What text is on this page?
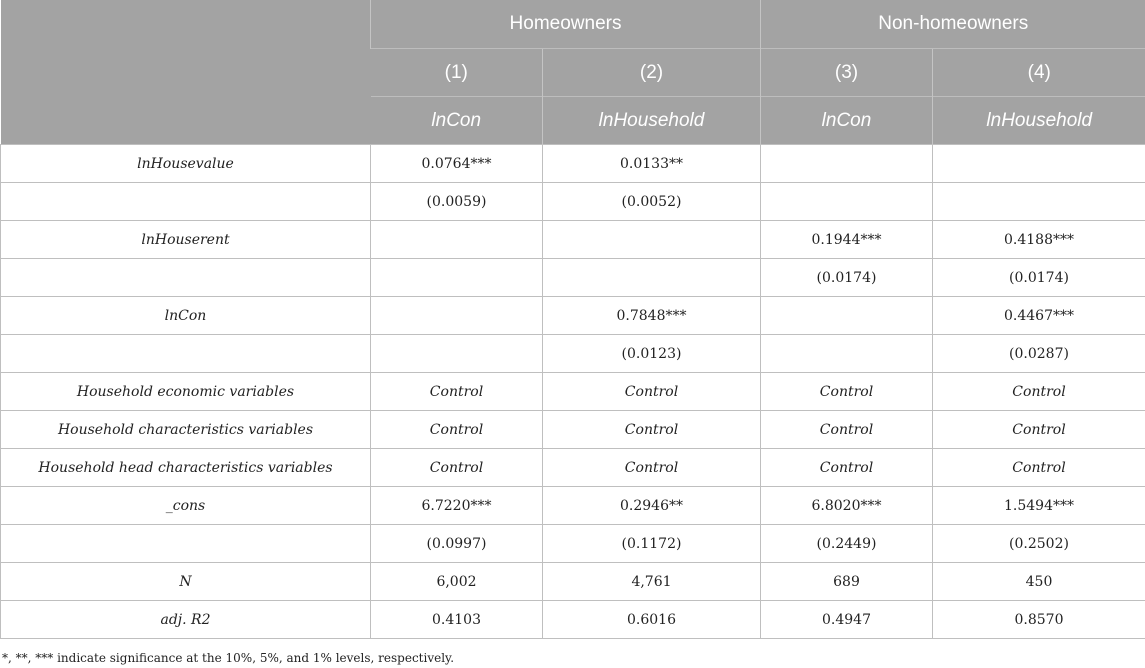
	Homeowners		Non-homeowners	
	(1)	(2)	(3)	(4)
	lnCon	lnHousehold	lnCon	lnHousehold
lnHousevalue	0.0764***	0.0133**		
	(0.0059)	(0.0052)		
lnHouserent			0.1944***	0.4188***
			(0.0174)	(0.0174)
lnCon		0.7848***		0.4467***
		(0.0123)		(0.0287)
Household economic variables	Control	Control	Control	Control
Household characteristics variables	Control	Control	Control	Control
Household head characteristics variables	Control	Control	Control	Control
_cons	6.7220***	0.2946**	6.8020***	1.5494***
	(0.0997)	(0.1172)	(0.2449)	(0.2502)
N	6,002	4,761	689	450
adj. R2	0.4103	0.6016	0.4947	0.8570
*, **, *** indicate significance at the 10%, 5%, and 1% levels, respectively.
